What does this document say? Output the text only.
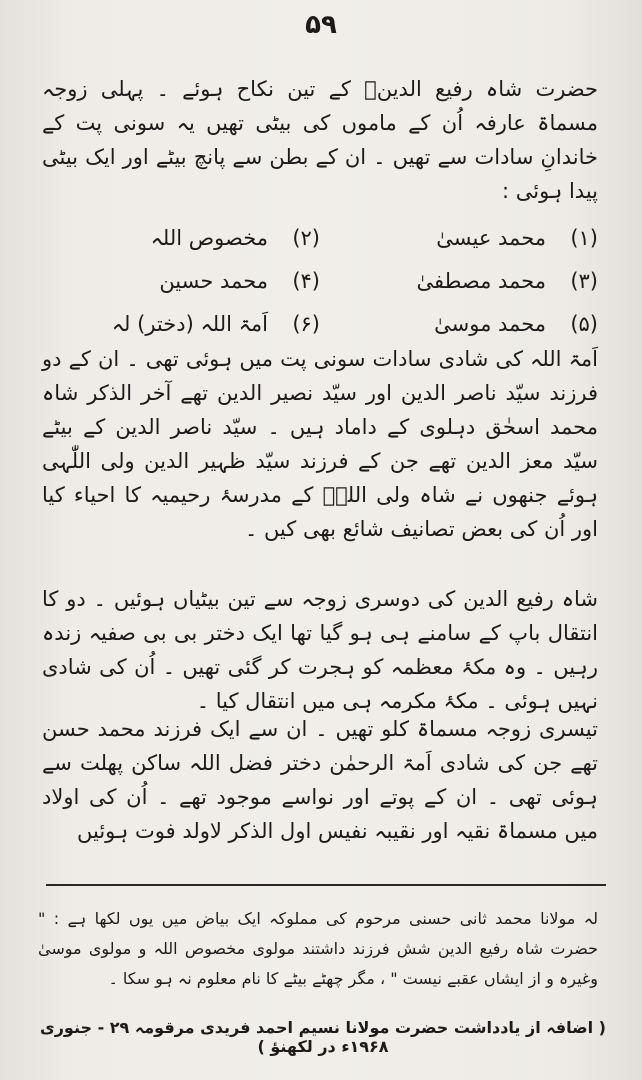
۵۹
حضرت شاہ رفیع الدینؒ کے تین نکاح ہوئے ۔ پہلی زوجہ مسماۃ عارفہ اُن کے ماموں کی بیٹی تھیں یہ سونی پت کے خاندانِ سادات سے تھیں ۔ ان کے بطن سے پانچ بیٹے اور ایک بیٹی پیدا ہوئی :
(۱)
محمد عیسیٰ
(۲)
مخصوص اللہ
(۳)
محمد مصطفیٰ
(۴)
محمد حسین
(۵)
محمد موسیٰ
(۶)
اَمۃ اللہ (دختر) لہ
اَمۃ اللہ کی شادی سادات سونی پت میں ہوئی تھی ۔ ان کے دو فرزند سیّد ناصر الدین اور سیّد نصیر الدین تھے آخر الذکر شاہ محمد اسحٰق دہلوی کے داماد ہیں ۔ سیّد ناصر الدین کے بیٹے سیّد معز الدین تھے جن کے فرزند سیّد ظہیر الدین ولی اللّٰہی ہوئے جنھوں نے شاہ ولی اللہؒ کے مدرسۂ رحیمیہ کا احیاء کیا اور اُن کی بعض تصانیف شائع بھی کیں ۔
شاہ رفیع الدین کی دوسری زوجہ سے تین بیٹیاں ہوئیں ۔ دو کا انتقال باپ کے سامنے ہی ہو گیا تھا ایک دختر بی بی صفیہ زندہ رہیں ۔ وہ مکۂ معظمہ کو ہجرت کر گئی تھیں ۔ اُن کی شادی نہیں ہوئی ۔ مکۂ مکرمہ ہی میں انتقال کیا ۔
تیسری زوجہ مسماۃ کلو تھیں ۔ ان سے ایک فرزند محمد حسن تھے جن کی شادی اَمۃ الرحمٰن دختر فضل اللہ ساکن پھلت سے ہوئی تھی ۔ ان کے پوتے اور نواسے موجود تھے ۔ اُن کی اولاد میں مسماۃ نقیہ اور نقیبہ نفیس اول الذکر لاولد فوت ہوئیں
لہ مولانا محمد ثانی حسنی مرحوم کی مملوکہ ایک بیاض میں یوں لکھا ہے : " حضرت شاہ رفیع الدین شش فرزند داشتند مولوی مخصوص اللہ و مولوی موسیٰ وغیرہ و از ایشاں عقبے نیست " ، مگر چھٹے بیٹے کا نام معلوم نہ ہو سکا ۔
( اضافہ از یادداشت حضرت مولانا نسیم احمد فریدی مرقومہ ۲۹ - جنوری ۱۹۶۸ء در لکھنؤ )
